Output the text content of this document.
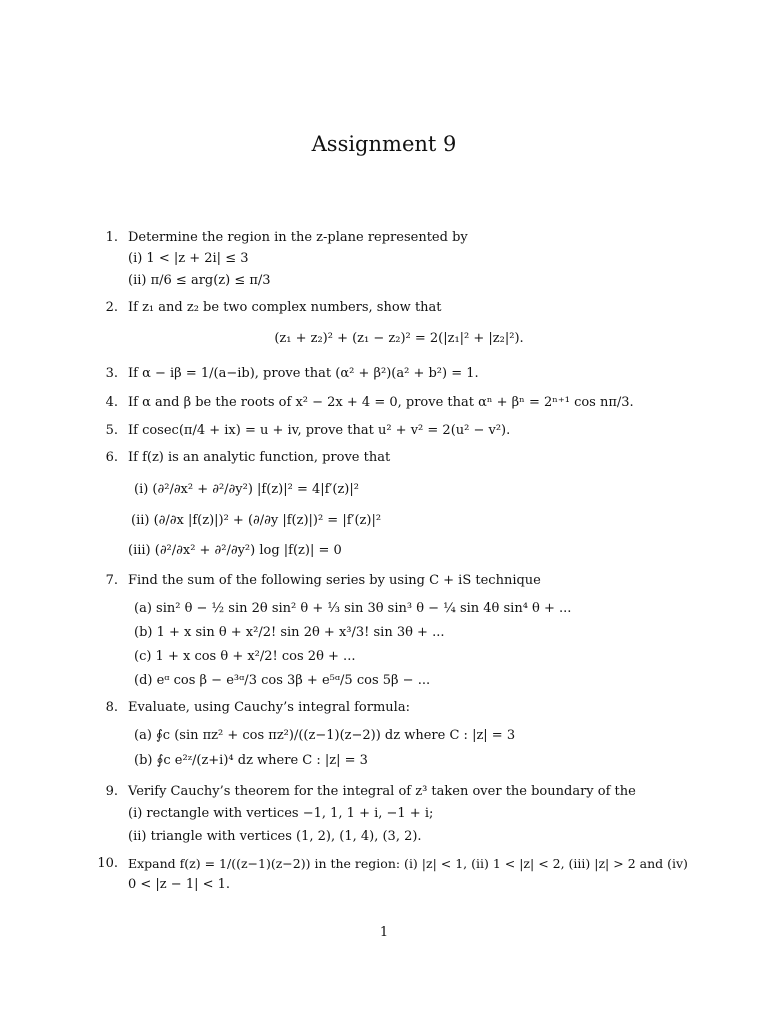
Assignment 9
1. Determine the region in the z-plane represented by
(i) 1 < |z + 2i| ≤ 3
(ii) π/6 ≤ arg(z) ≤ π/3
2. If z₁ and z₂ be two complex numbers, show that
(z₁ + z₂)² + (z₁ − z₂)² = 2(|z₁|² + |z₂|²).
3. If α − iβ = 1/(a−ib), prove that (α² + β²)(a² + b²) = 1.
4. If α and β be the roots of x² − 2x + 4 = 0, prove that αⁿ + βⁿ = 2ⁿ⁺¹ cos nπ/3.
5. If cosec(π/4 + ix) = u + iv, prove that u² + v² = 2(u² − v²).
6. If f(z) is an analytic function, prove that
(i) (∂²/∂x² + ∂²/∂y²) |f(z)|² = 4|f′(z)|²
(ii) (∂/∂x |f(z)|)² + (∂/∂y |f(z)|)² = |f′(z)|²
(iii) (∂²/∂x² + ∂²/∂y²) log |f(z)| = 0
7. Find the sum of the following series by using C + iS technique
(a) sin² θ − ½ sin 2θ sin² θ + ⅓ sin 3θ sin³ θ − ¼ sin 4θ sin⁴ θ + ...
(b) 1 + x sin θ + x²/2! sin 2θ + x³/3! sin 3θ + ...
(c) 1 + x cos θ + x²/2! cos 2θ + ...
(d) eᵅ cos β − e³ᵅ/3 cos 3β + e⁵ᵅ/5 cos 5β − ...
8. Evaluate, using Cauchy’s integral formula:
(a) ∮c (sin πz² + cos πz²)/((z−1)(z−2)) dz where C : |z| = 3
(b) ∮c e²ᶻ/(z+i)⁴ dz where C : |z| = 3
9. Verify Cauchy’s theorem for the integral of z³ taken over the boundary of the
(i) rectangle with vertices −1, 1, 1 + i, −1 + i;
(ii) triangle with vertices (1, 2), (1, 4), (3, 2).
10. Expand f(z) = 1/((z−1)(z−2)) in the region: (i) |z| < 1, (ii) 1 < |z| < 2, (iii) |z| > 2 and (iv)
0 < |z − 1| < 1.
1
